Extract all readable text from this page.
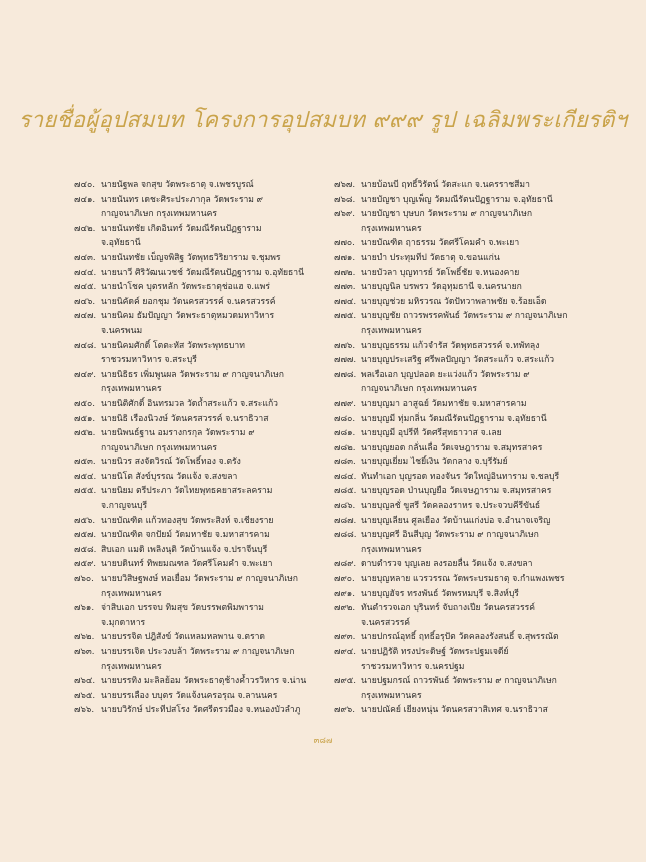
รายชื่อผู้อุปสมบท โครงการอุปสมบท ๙๙๙ รูป เฉลิมพระเกียรติฯ
๗๔๐. นายนัฐพล จกสุข วัดพระธาตุ จ.เพชรบูรณ์
๗๔๑. นายนันทร เดชะศิระประภากุล วัดพระราม ๙
กาญจนาภิเษก กรุงเทพมหานคร
๗๔๒. นายนันทชัย เกิดอินทร์ วัดมณีรัตนปัฏฐาราม
จ.อุทัยธานี
๗๔๓. นายนันทชัย เบ็ญจพิสิฐ วัดพุทธวิริยาราม จ.ชุมพร
๗๔๔. นายนาวี ศิริวัฒนเวชช์ วัดมณีรัตนปัฏฐาราม จ.อุทัยธานี
๗๔๕. นายนำโชค บุตรหลัก วัดพระธาตุช่อแฮ จ.แพร่
๗๔๖. นายนิคัดค์ ยอกชุม วัดนครสวรรค์ จ.นครสวรรค์
๗๔๗. นายนิคม ธัมปัญญา วัดพระธาตุหมวดมหาวิหาร
จ.นครพนม
๗๔๘. นายนิคมศักดิ์ โตตะหัส วัดพระพุทธบาท
ราชวรมหาวิหาร จ.สระบุรี
๗๔๙. นายนิธิธร เพิ่มพูนผล วัดพระราม ๙ กาญจนาภิเษก
กรุงเทพมหานคร
๗๕๐. นายนิติศักดิ์ อินทรมวล วัดถ้ำสระแก้ว จ.สระแก้ว
๗๕๑. นายนิธิ เรืองนิวงษ์ วัดนครสวรรค์ จ.นราธิวาส
๗๕๒. นายนิพนธ์ฐาน อมรางกรกุล วัดพระราม ๙
กาญจนาภิเษก กรุงเทพมหานคร
๗๕๓. นายนิวร สงจัดวิรณ์ วัดโพธิ์ทอง จ.ตรัง
๗๕๔. นายนิโต สังข์บุรรณ วัดแจ้ง จ.สงขลา
๗๕๕. นายนิยม ตรีประภา วัดไทยพุทธคยาสระลคราม
จ.กาญจนบุรี
๗๕๖. นายบัณฑิต แก้วทองสุข วัดพระสิงห์ จ.เชียงราย
๗๕๗. นายบัณฑิต จกปัยม์ วัดมหาชัย จ.มหาสารคาม
๗๕๘. สิบเอก แมดิ เพลิงนุติ วัดบ้านแจ้ง จ.ปราจีนบุรี
๗๕๙. นายบดินทร์ ทิพยมณฑล วัดศรีโคมคำ จ.พะเยา
๗๖๐. นายบวิสิษฐพงษ์ หอเยื่อม วัดพระราม ๙ กาญจนาภิเษก
กรุงเทพมหานคร
๗๖๑. จ่าสิบเอก บรรจบ ทิมสุข วัดบรรพตพิมพาราม
จ.มุกดาหาร
๗๖๒. นายบรรจิต ปฎิสังข์ วัดแหลมหลพาน จ.ตราด
๗๖๓. นายบรรเจิด ประวงบล้า วัดพระราม ๙ กาญจนาภิเษก
กรุงเทพมหานคร
๗๖๔. นายบรรทิง มะลิลย้อม วัดพระธาตุช้างค้ำวรวิหาร จ.น่าน
๗๖๕. นายบรรเลือง บบุตร วัดแจ้งนครอรุณ จ.ลานนคร
๗๖๖. นายบวิรักษ์ ประทีปสโรง วัดศรีตรวมือง จ.หนองบัวลำภู
๗๖๗. นายบ้อนบี ฤทธิ์วิรัตน์ วัดสะแก จ.นครราชสีมา
๗๖๘. นายบัญชา บุญเพ็ญ วัดมณีรัตนปัฏฐาราม จ.อุทัยธานี
๗๖๙. นายบัญชา บุษบก วัดพระราม ๙ กาญจนาภิเษก
กรุงเทพมหานคร
๗๗๐. นายบัณฑิต ฤาธรรม วัดศรีโคมคำ จ.พะเยา
๗๗๑. นายบำ ประทุมทีป วัดธาตุ จ.ขอนแก่น
๗๗๒. นายบัวลา บุญทารย์ วัดโพธิ์ชัย จ.หนองคาย
๗๗๓. นายบุญนิล บรพรว วัดอุทุมธานี จ.นครนายก
๗๗๔. นายบุญช่วย มหิรวรณ วัดปัทวาพลาพชัย จ.ร้อยเอ็ด
๗๗๕. นายบุญชัย ถาวรพรรคพันธ์ วัดพระราม ๙ กาญจนาภิเษก
กรุงเทพมหานคร
๗๗๖. นายบุญธรรม แก้วจำรัส วัดพุทธสวรรค์ จ.ทพัทลุง
๗๗๗. นายบุญประเสริฐ ศรีพลปัญญา วัดสระแก้ว จ.สระแก้ว
๗๗๘. พลเรือเอก บุญปลอด ยะแว่งแก้ว วัดพระราม ๙
กาญจนาภิเษก กรุงเทพมหานคร
๗๗๙. นายบุญมา อาสูฉย์ วัดมหาชัย จ.มหาสารคาม
๗๘๐. นายบุญมี ทุ่มกลิ่น วัดมณีรัตนปัฏฐาราม จ.อุทัยธานี
๗๘๑. นายบุญมี อุปรีที วัดศรีสุทธาวาส จ.เลย
๗๘๒. นายบุญยอด กลั่นเลื่อ วัดเจษฎาราม จ.สมุทรสาคร
๗๘๓. นายบุญเยี่ยม ไชยิ์เงิน วัดกลาง จ.บุรีรัมย์
๗๘๔. ทันทำเอก บุญรอด ทองจันร วัดใหญ่อินทาราม จ.ชลบุรี
๗๘๕. นายบุญรอด ป่านบุญยือ วัดเจษฎาราม จ.สมุทรสาคร
๗๘๖. นายบุญลชั่ ขูสรี วัดคลองราหร จ.ประจวบคีรีขันธ์
๗๘๗. นายบุญเลียน ศูลเยือง วัดบ้านแก่งบ่อ จ.อำนาจเจริญ
๗๘๘. นายบุญศรี อินสีบุญ วัดพระราม ๙ กาญจนาภิเษก
กรุงเทพมหานคร
๗๘๙. ดาบตำรวจ บุญเลย ลงรอยลื่น วัดแจ้ง จ.สงขลา
๗๙๐. นายบุญหลาย แวรวรรณ วัดพระบรมธาตุ จ.กำแพงเพชร
๗๙๑. นายบุญฮัจร ทรงพันธ์ วัดพรหมบุรี จ.สิงห์บุรี
๗๙๒. ทันตำรวจเอก บุรินทร์ จับถางเปีย วัดนครสวรรค์
จ.นครสวรรค์
๗๙๓. นายปกรณ์อุทธิ์ ฤทธิ์อรุปัต วัดคลองรังสนธิ์ จ.สุพรรณัต
๗๙๔. นายปฏิรัติ ทรงประดิษฐ์ วัดพระปฐมเจดีย์
ราชวรมหาวิหาร จ.นครปฐม
๗๙๕. นายปฐมกรณ์ ถาวรพันธ์ วัดพระราม ๙ กาญจนาภิเษก
กรุงเทพมหานคร
๗๙๖. นายปณัคย์ เยียงหนุ่น วัดนครสวาสิเทศ จ.นราธิวาส
๓๘๗
